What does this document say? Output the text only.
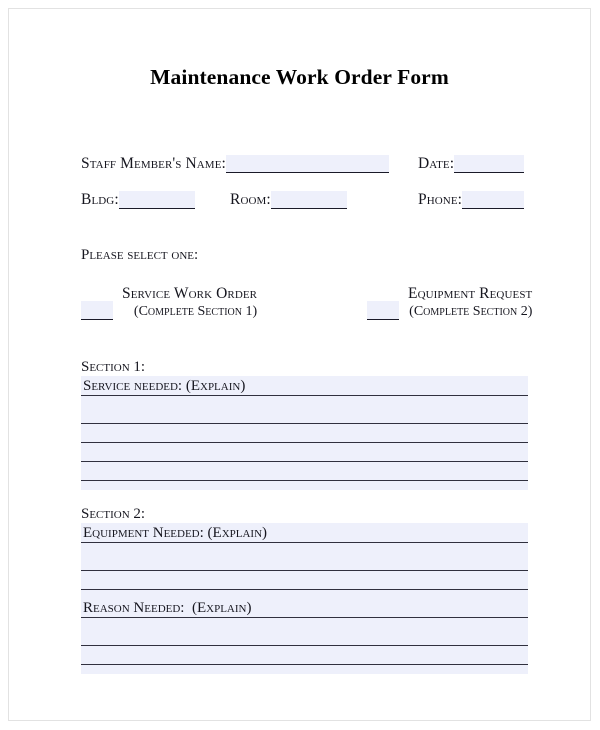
Maintenance Work Order Form
Staff Member's Name:	Date:
Bldg:	Room:	Phone:
Please select one:
Service Work Order
(Complete Section 1)
Equipment Request
(Complete Section 2)
Section 1:
Service needed: (Explain)
Section 2:
Equipment Needed: (Explain)
Reason Needed:  (Explain)
